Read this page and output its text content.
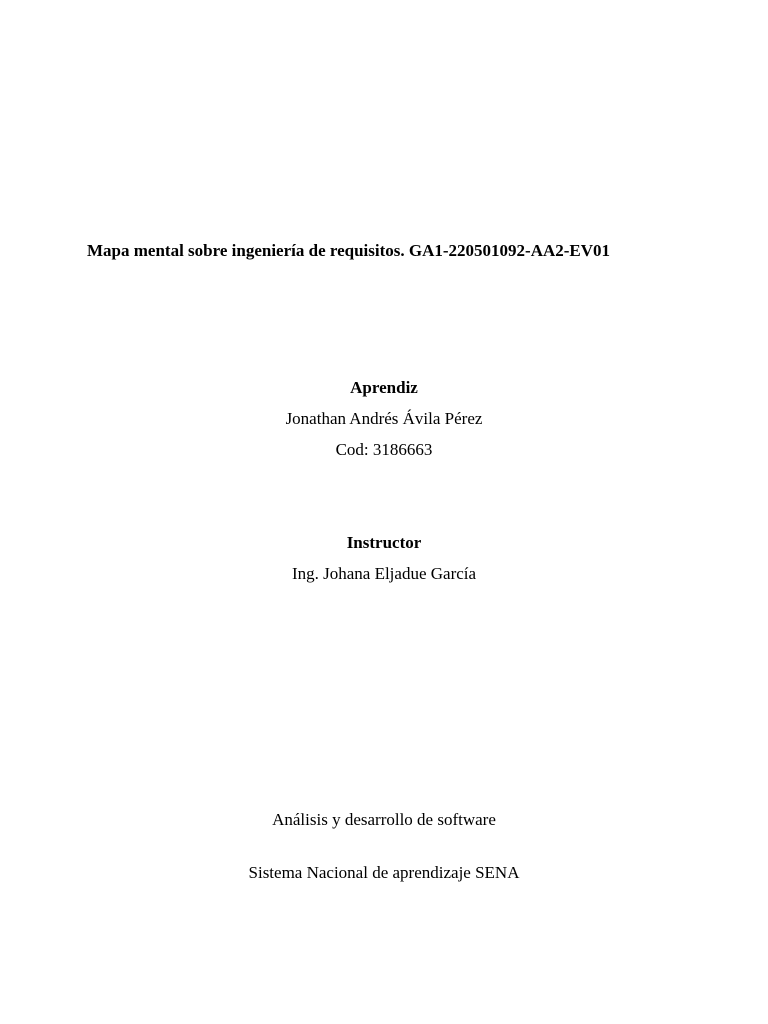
Mapa mental sobre ingeniería de requisitos. GA1-220501092-AA2-EV01
Aprendiz
Jonathan Andrés Ávila Pérez
Cod: 3186663
Instructor
Ing. Johana Eljadue García
Análisis y desarrollo de software
Sistema Nacional de aprendizaje SENA
